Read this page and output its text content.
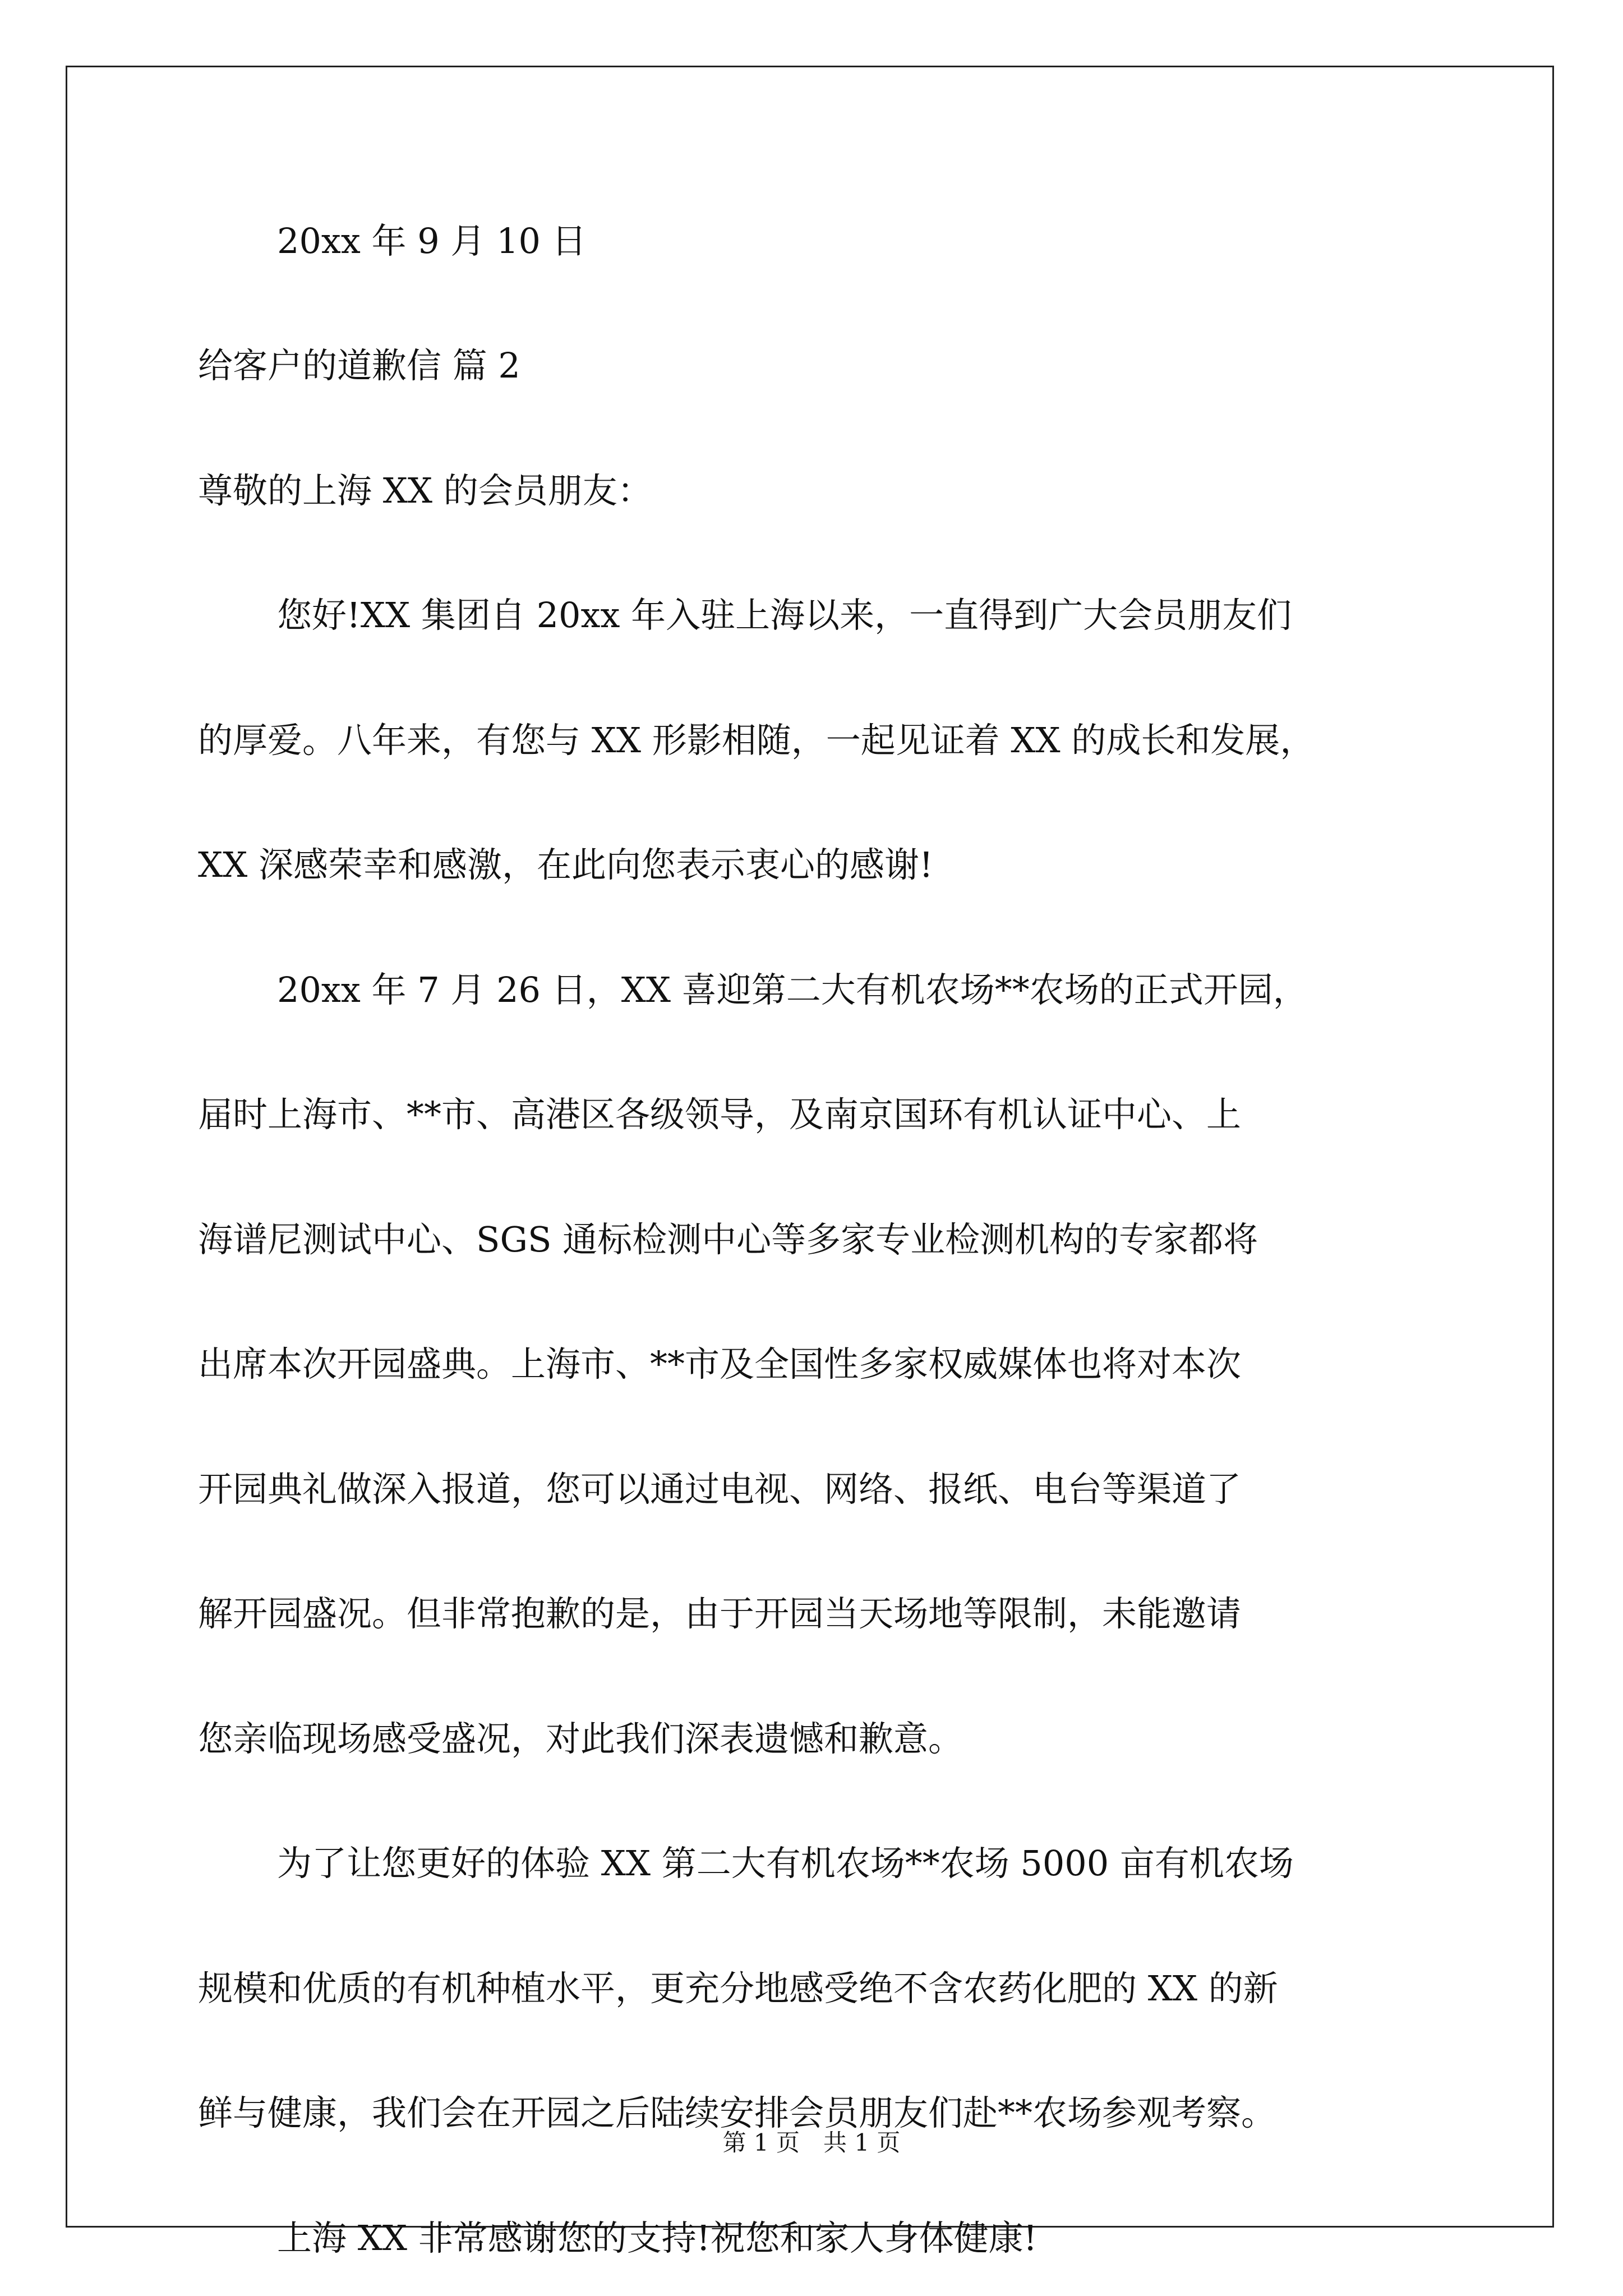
20xx 年 9 月 10 日
给客户的道歉信 篇 2
尊敬的上海 XX 的会员朋友：
您好!XX 集团自 20xx 年入驻上海以来，一直得到广大会员朋友们
的厚爱。八年来，有您与 XX 形影相随，一起见证着 XX 的成长和发展，
XX 深感荣幸和感激，在此向您表示衷心的感谢!
20xx 年 7 月 26 日，XX 喜迎第二大有机农场**农场的正式开园，
届时上海市、**市、高港区各级领导，及南京国环有机认证中心、上
海谱尼测试中心、SGS 通标检测中心等多家专业检测机构的专家都将
出席本次开园盛典。上海市、**市及全国性多家权威媒体也将对本次
开园典礼做深入报道，您可以通过电视、网络、报纸、电台等渠道了
解开园盛况。但非常抱歉的是，由于开园当天场地等限制，未能邀请
您亲临现场感受盛况，对此我们深表遗憾和歉意。
为了让您更好的体验 XX 第二大有机农场**农场 5000 亩有机农场
规模和优质的有机种植水平，更充分地感受绝不含农药化肥的 XX 的新
鲜与健康，我们会在开园之后陆续安排会员朋友们赴**农场参观考察。
上海 XX 非常感谢您的支持!祝您和家人身体健康!
第 1 页　共 1 页
